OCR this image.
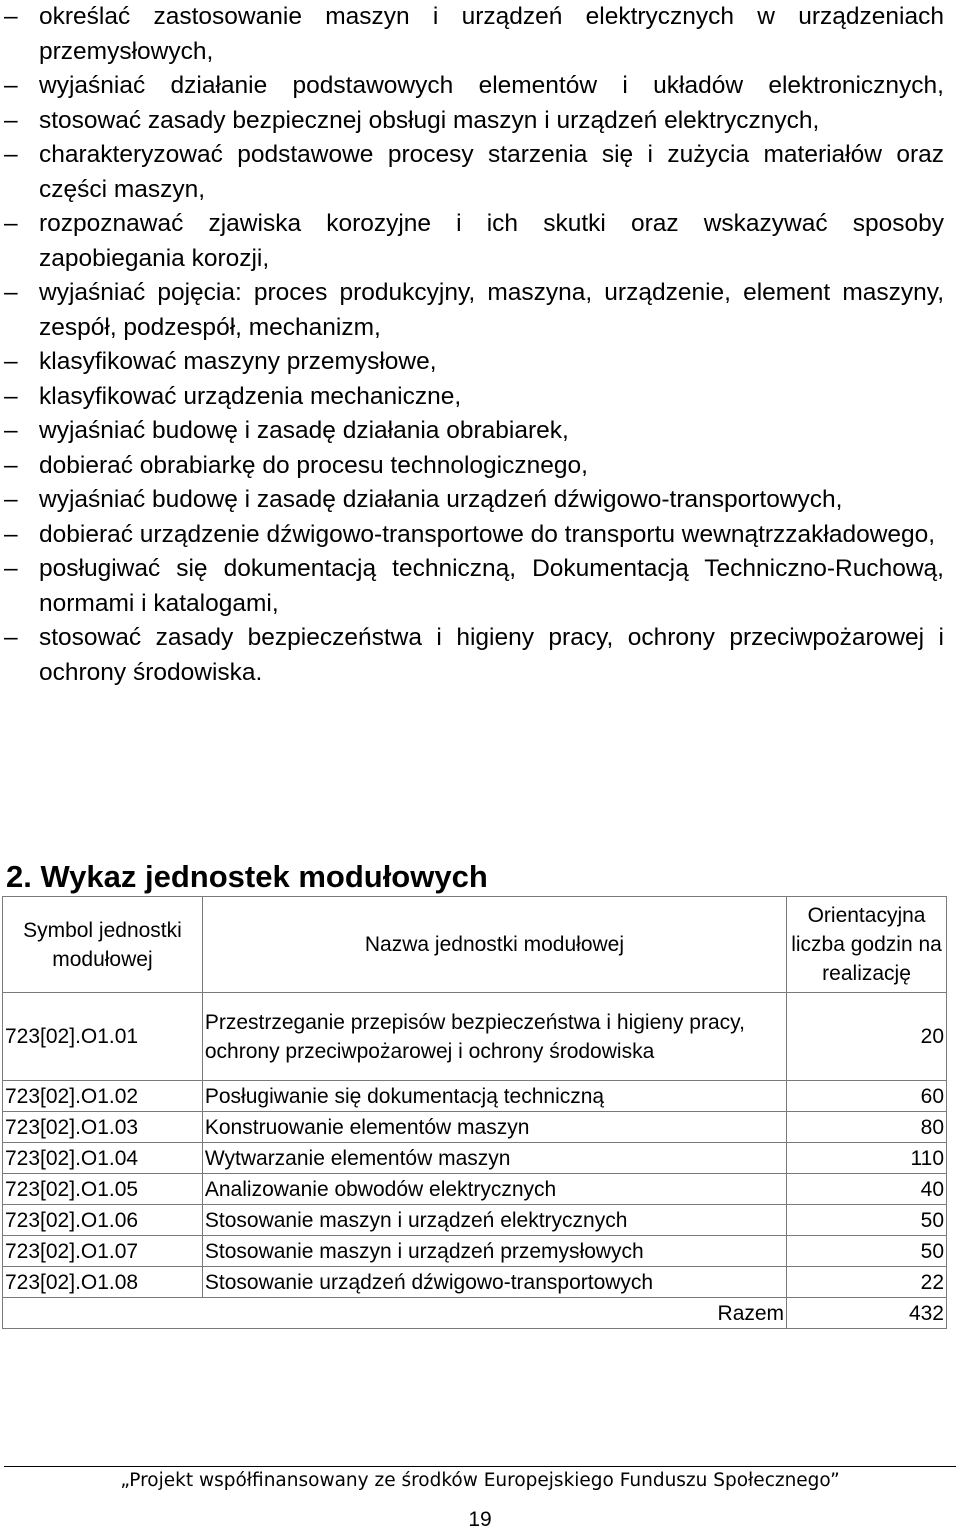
– określać zastosowanie maszyn i urządzeń elektrycznych w urządzeniach przemysłowych,
– wyjaśniać działanie podstawowych elementów i układów elektronicznych,
– stosować zasady bezpiecznej obsługi maszyn i urządzeń elektrycznych,
– charakteryzować podstawowe procesy starzenia się i zużycia materiałów oraz części maszyn,
– rozpoznawać zjawiska korozyjne i ich skutki oraz wskazywać sposoby zapobiegania korozji,
– wyjaśniać pojęcia: proces produkcyjny, maszyna, urządzenie, element maszyny, zespół, podzespół, mechanizm,
– klasyfikować maszyny przemysłowe,
– klasyfikować urządzenia mechaniczne,
– wyjaśniać budowę i zasadę działania obrabiarek,
– dobierać obrabiarkę do procesu technologicznego,
– wyjaśniać budowę i zasadę działania urządzeń dźwigowo-transportowych,
– dobierać urządzenie dźwigowo-transportowe do transportu wewnątrzzakładowego,
– posługiwać się dokumentacją techniczną, Dokumentacją Techniczno-Ruchową, normami i katalogami,
– stosować zasady bezpieczeństwa i higieny pracy, ochrony przeciwpożarowej i ochrony środowiska.
2. Wykaz jednostek modułowych
Symbol jednostki modułowej	Nazwa jednostki modułowej	Orientacyjna liczba godzin na realizację
723[02].O1.01	Przestrzeganie przepisów bezpieczeństwa i higieny pracy, ochrony przeciwpożarowej i ochrony środowiska	20
723[02].O1.02	Posługiwanie się dokumentacją techniczną	60
723[02].O1.03	Konstruowanie elementów maszyn	80
723[02].O1.04	Wytwarzanie elementów maszyn	110
723[02].O1.05	Analizowanie obwodów elektrycznych	40
723[02].O1.06	Stosowanie maszyn i urządzeń elektrycznych	50
723[02].O1.07	Stosowanie maszyn i urządzeń przemysłowych	50
723[02].O1.08	Stosowanie urządzeń dźwigowo-transportowych	22
Razem		432
„Projekt współfinansowany ze środków Europejskiego Funduszu Społecznego”
19
